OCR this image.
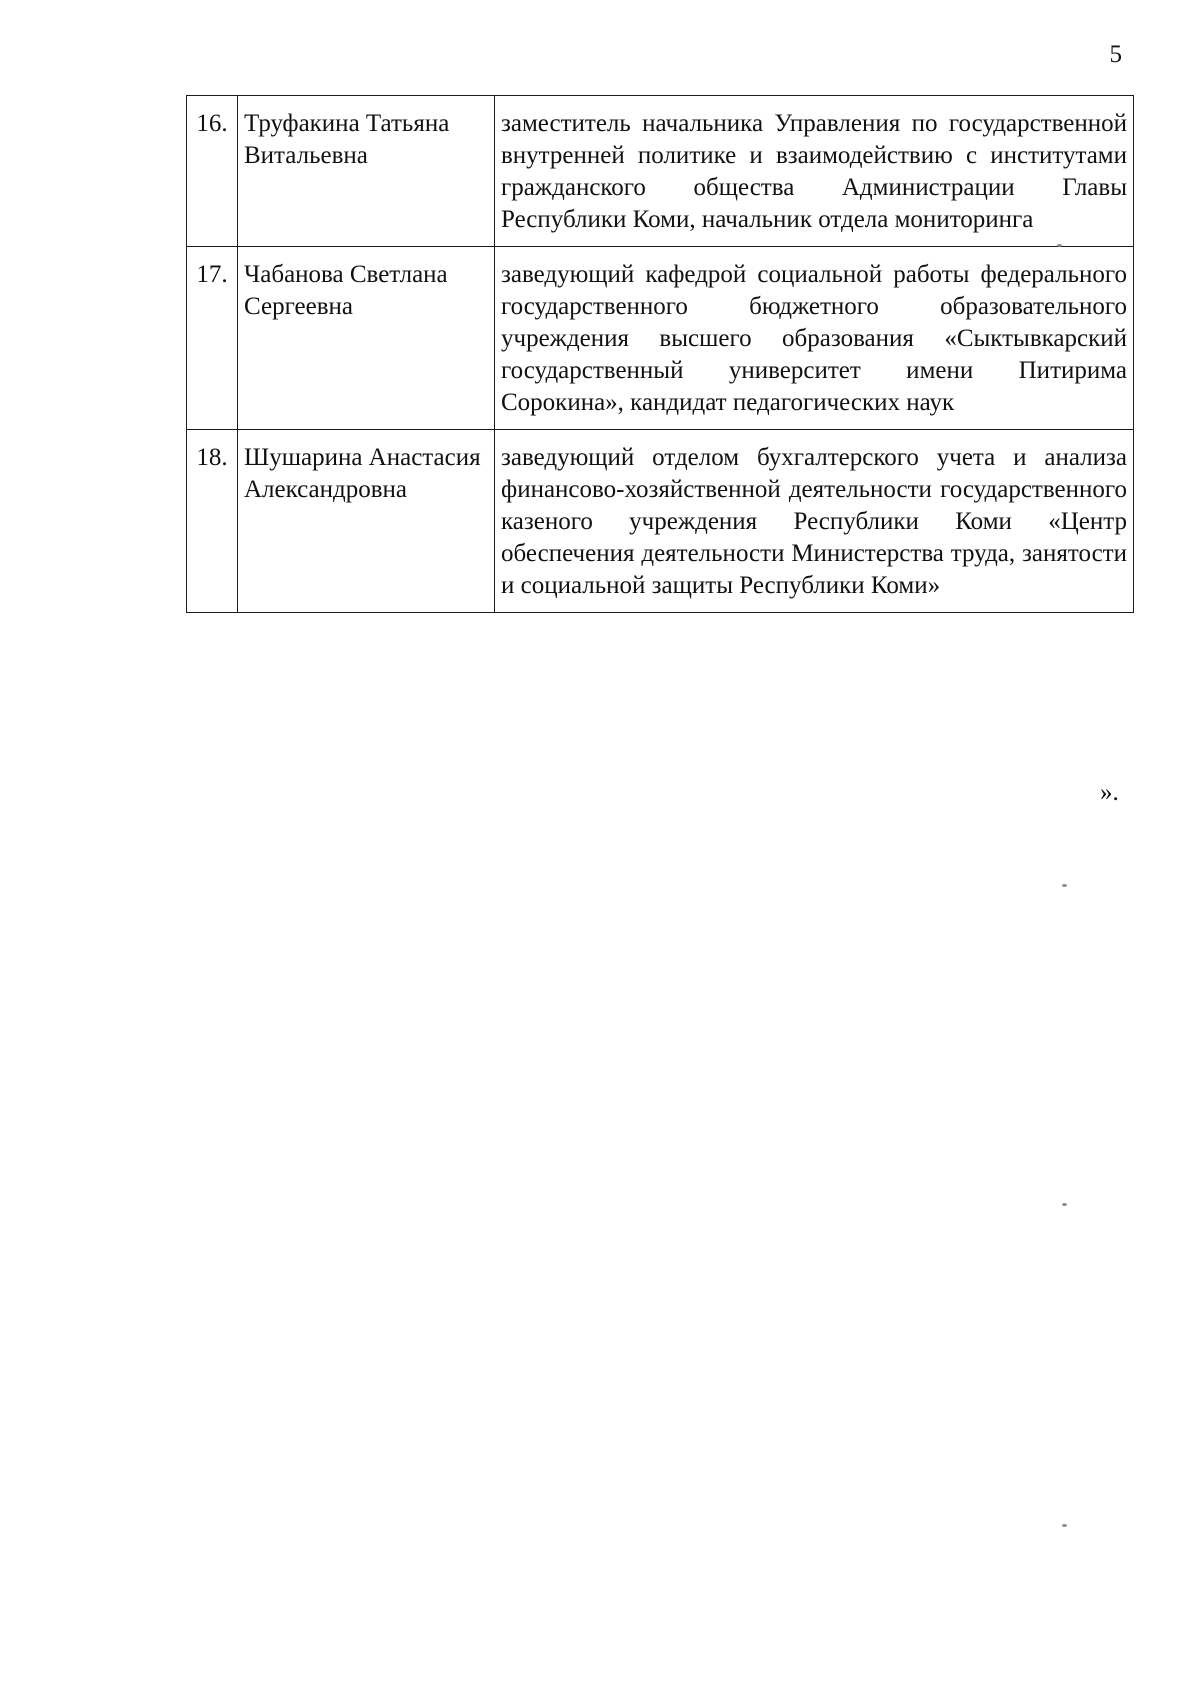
5
16.	Труфакина Татьяна Витальевна	заместитель начальника Управления по государственной внутренней политике и взаимодействию с институтами гражданского общества Администрации Главы Республики Коми, начальник отдела мониторинга
17.	Чабанова Светлана Сергеевна	заведующий кафедрой социальной работы федерального государственного бюджетного образовательного учреждения высшего образования «Сыктывкарский государственный университет имени Питирима Сорокина», кандидат педагогических наук
18.	Шушарина Анастасия Александровна	заведующий отделом бухгалтерского учета и анализа финансово-хозяйственной деятельности государственного казеного учреждения Республики Коми «Центр обеспечения деятельности Министерства труда, занятости и социальной защиты Республики Коми»
».
